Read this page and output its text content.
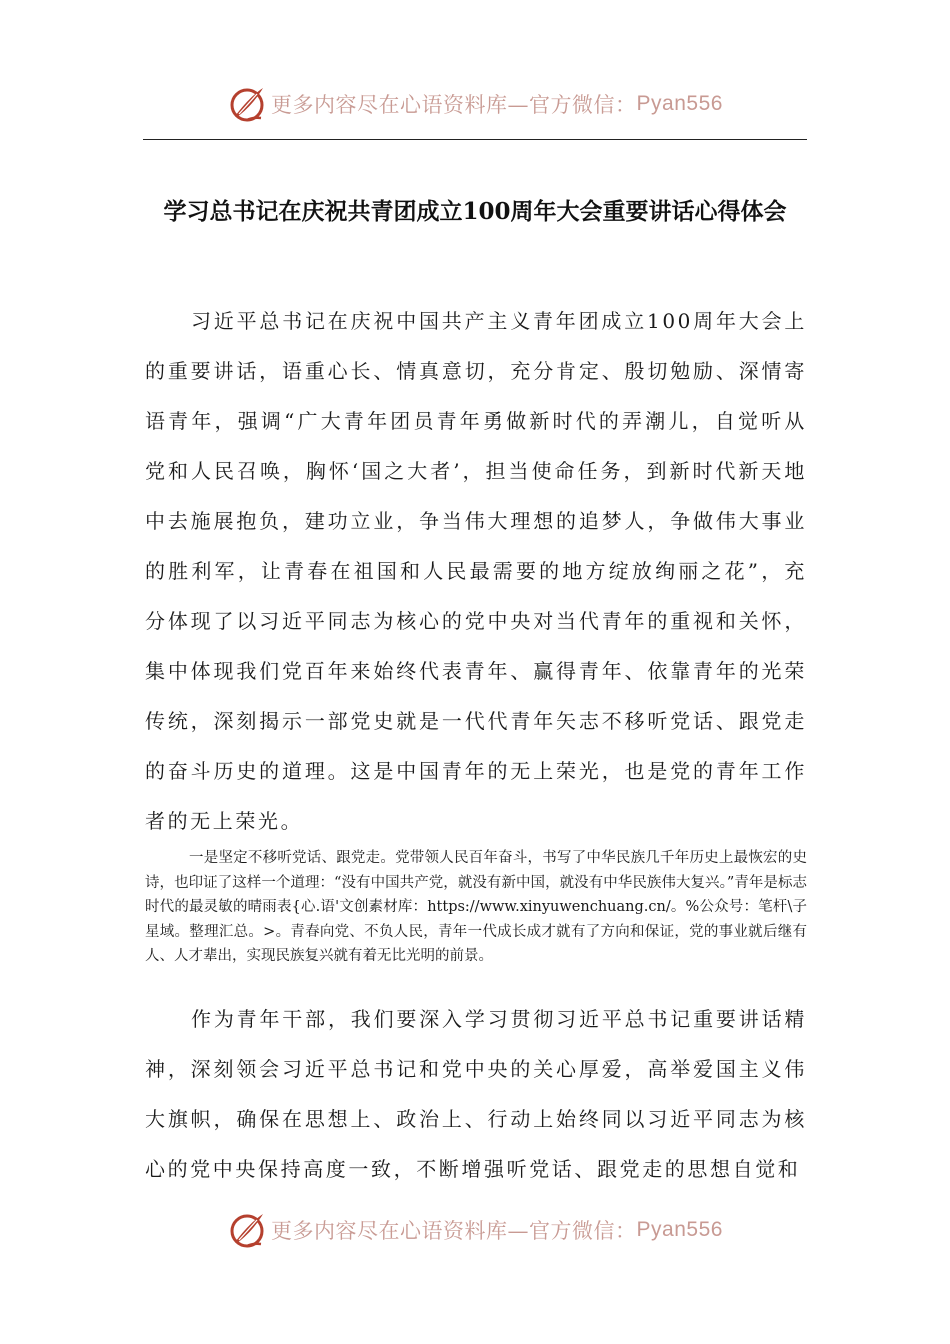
更多内容尽在心语资料库—官方微信： Pyan556
学习总书记在庆祝共青团成立100周年大会重要讲话心得体会

习近平总书记在庆祝中国共产主义青年团成立100周年大会上的重要讲话，语重心长、情真意切，充分肯定、殷切勉励、深情寄语青年，强调“广大青年团员青年勇做新时代的弄潮儿，自觉听从党和人民召唤，胸怀‘国之大者’，担当使命任务，到新时代新天地中去施展抱负，建功立业，争当伟大理想的追梦人，争做伟大事业的胜利军，让青春在祖国和人民最需要的地方绽放绚丽之花”，充分体现了以习近平同志为核心的党中央对当代青年的重视和关怀，集中体现我们党百年来始终代表青年、赢得青年、依靠青年的光荣传统，深刻揭示一部党史就是一代代青年矢志不移听党话、跟党走的奋斗历史的道理。这是中国青年的无上荣光，也是党的青年工作者的无上荣光。

一是坚定不移听党话、跟党走。党带领人民百年奋斗，书写了中华民族几千年历史上最恢宏的史诗，也印证了这样一个道理：“没有中国共产党，就没有新中国，就没有中华民族伟大复兴。”青年是标志时代的最灵敏的晴雨表{心.语'文创素材库：https://www.xinyuwenchuang.cn/。%公众号：笔杆\子星域。整理汇总。>。青春向党、不负人民，青年一代成长成才就有了方向和保证，党的事业就后继有人、人才辈出，实现民族复兴就有着无比光明的前景。

作为青年干部，我们要深入学习贯彻习近平总书记重要讲话精神，深刻领会习近平总书记和党中央的关心厚爱，高举爱国主义伟大旗帜，确保在思想上、政治上、行动上始终同以习近平同志为核心的党中央保持高度一致，不断增强听党话、跟党走的思想自觉和

更多内容尽在心语资料库—官方微信： Pyan556
